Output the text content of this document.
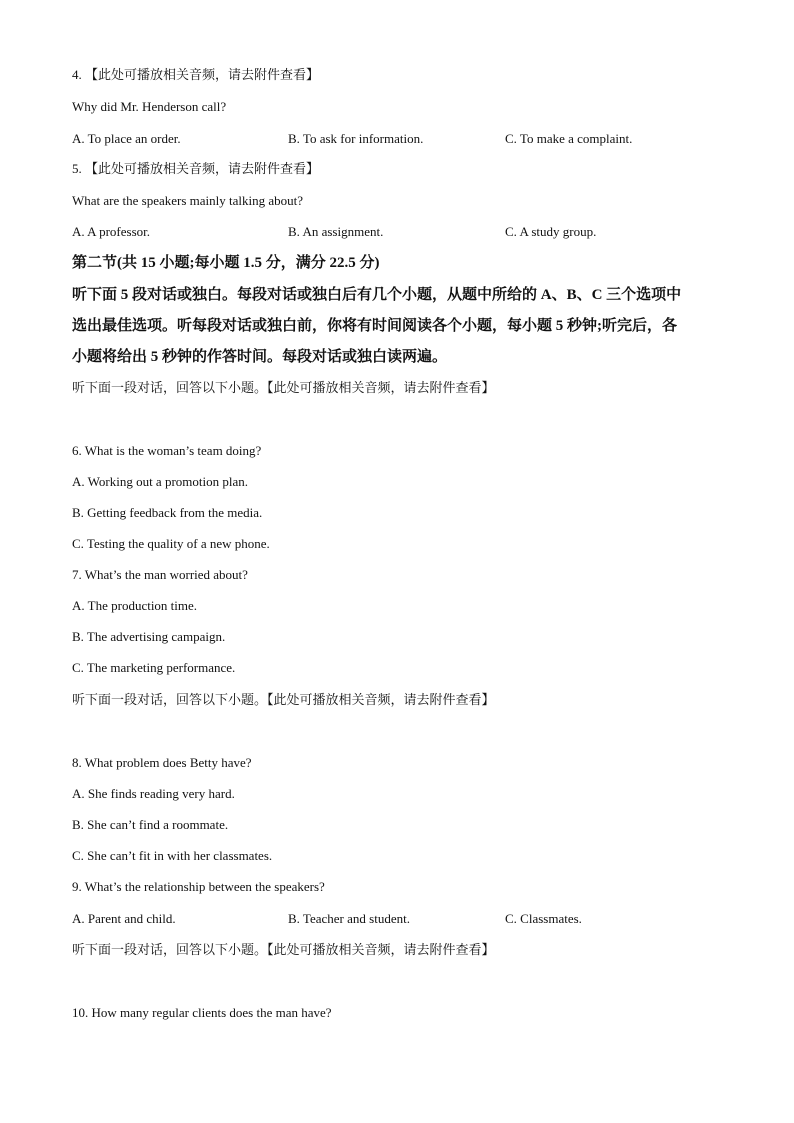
4. 【此处可播放相关音频，请去附件查看】
Why did Mr. Henderson call?
A. To place an order.	B. To ask for information.	C. To make a complaint.
5. 【此处可播放相关音频，请去附件查看】
What are the speakers mainly talking about?
A. A professor.	B. An assignment.	C. A study group.
第二节(共 15 小题;每小题 1.5 分，满分 22.5 分)
听下面 5 段对话或独白。每段对话或独白后有几个小题，从题中所给的 A、B、C 三个选项中
选出最佳选项。听每段对话或独白前，你将有时间阅读各个小题，每小题 5 秒钟;听完后，各
小题将给出 5 秒钟的作答时间。每段对话或独白读两遍。
听下面一段对话，回答以下小题。【此处可播放相关音频，请去附件查看】
6. What is the woman’s team doing?
A. Working out a promotion plan.
B. Getting feedback from the media.
C. Testing the quality of a new phone.
7. What’s the man worried about?
A. The production time.
B. The advertising campaign.
C. The marketing performance.
听下面一段对话，回答以下小题。【此处可播放相关音频，请去附件查看】
8. What problem does Betty have?
A. She finds reading very hard.
B. She can’t find a roommate.
C. She can’t fit in with her classmates.
9. What’s the relationship between the speakers?
A. Parent and child.	B. Teacher and student.	C. Classmates.
听下面一段对话，回答以下小题。【此处可播放相关音频，请去附件查看】
10. How many regular clients does the man have?
